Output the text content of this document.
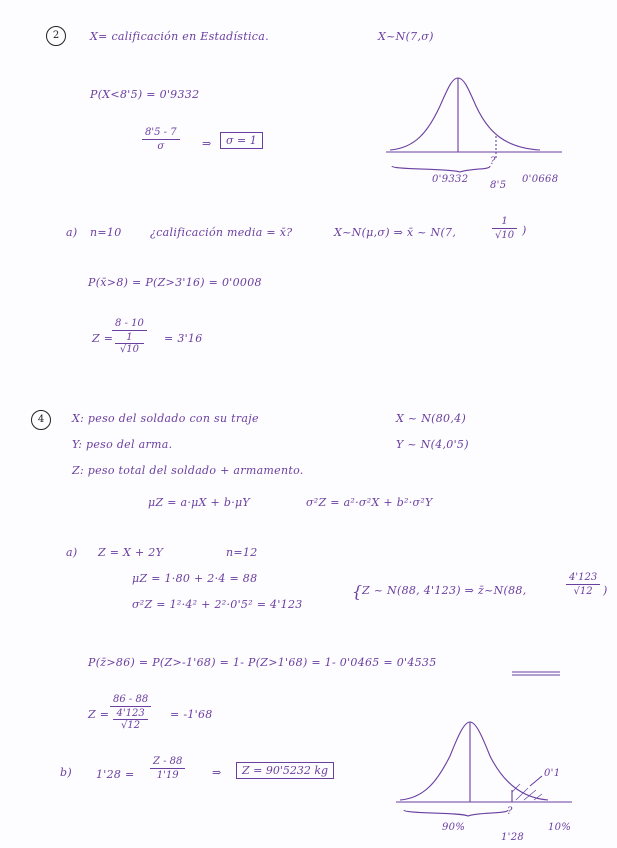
2	X= calificación en Estadística.	X~N(7,σ)
P(X<8'5) = 0'9332
$\frac{8'5 - 7}{\sigma}$ ⇒	σ = 1
?
8'5
0'9332	0'0668
a) n=10	¿calificación media = x̄?	X~N(μ,σ) ⇒ x̄ ~ N(7,	$\frac{1}{√10}$ )
P(x̄>8) = P(Z>3'16) = 0'0008
Z =
8 - 10
1
√10 = 3'16
4	X: peso del soldado con su traje	X ~ N(80,4)
Y: peso del arma.	Y ~ N(4,0'5)
Z: peso total del soldado + armamento.
μZ = a·μX + b·μY	σ²Z = a²·σ²X + b²·σ²Y
a) Z = X + 2Y	n=12
μZ = 1·80 + 2·4 = 88
σ²Z = 1²·4² + 2²·0'5² = 4'123
{ Z ~ N(88, 4'123) ⇒ z̄~N(88,	$\frac{4'123}{√12}$ )
P(z̄>86) = P(Z>-1'68) = 1- P(Z>1'68) = 1- 0'0465 = 0'4535
Z = 86 - 88
4'123
√12 = -1'68
b) $1'28 = \frac{Z - 88}{1'19}$ ⇒	Z = 90'5232 kg
?
1'28
0'1
90%	10%
